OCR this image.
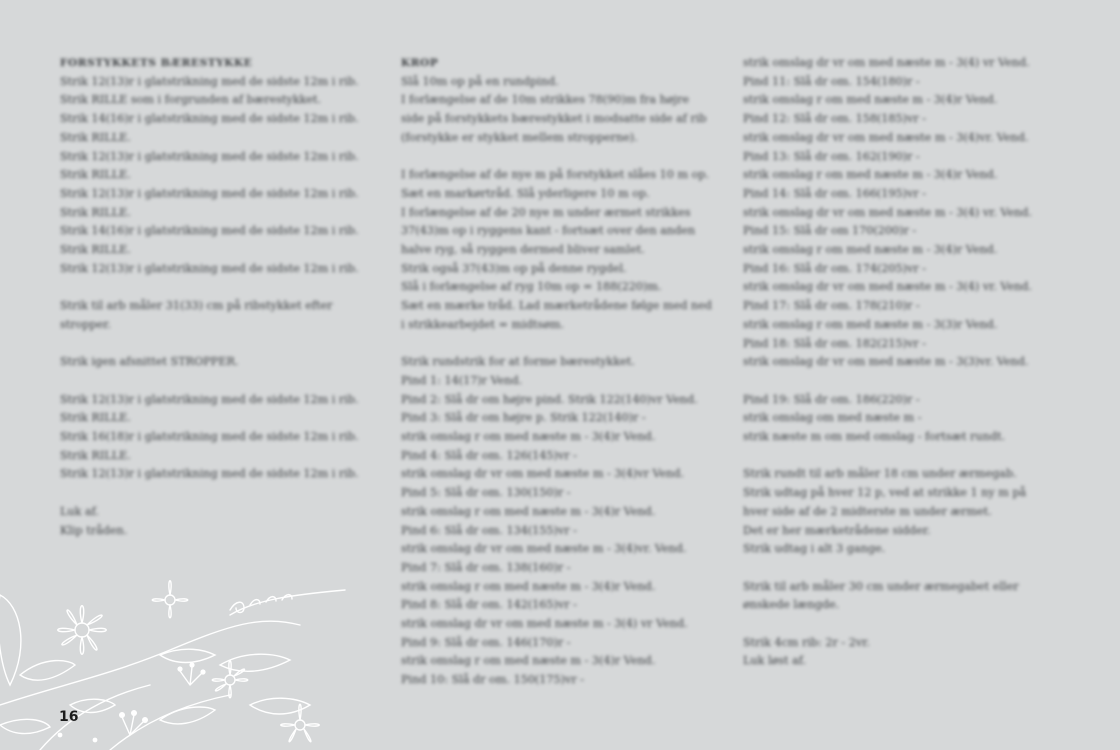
FORSTYKKETS BÆRESTYKKE

Strik 12(13)r i glatstrikning med de sidste 12m i rib.

Strik RILLE som i forgrunden af bærestykket.

Strik 14(16)r i glatstrikning med de sidste 12m i rib.

Strik RILLE.

Strik 12(13)r i glatstrikning med de sidste 12m i rib.

Strik RILLE.

Strik 12(13)r i glatstrikning med de sidste 12m i rib.

Strik RILLE.

Strik 14(16)r i glatstrikning med de sidste 12m i rib.

Strik RILLE.

Strik 12(13)r i glatstrikning med de sidste 12m i rib.

Strik til arb måler 31(33) cm på ribstykket efter

stropper.

Strik igen afsnittet STROPPER.

Strik 12(13)r i glatstrikning med de sidste 12m i rib.

Strik RILLE.

Strik 16(18)r i glatstrikning med de sidste 12m i rib.

Strik RILLE.

Strik 12(13)r i glatstrikning med de sidste 12m i rib.

Luk af.

Klip tråden.

KROP

Slå 10m op på en rundpind.

I forlængelse af de 10m strikkes 78(90)m fra højre

side på forstykkets bærestykket i modsatte side af rib

(forstykke er stykket mellem stropperne).

I forlængelse af de nye m på forstykket slåes 10 m op.

Sæt en markørtråd. Slå yderligere 10 m op.

I forlængelse af de 20 nye m under ærmet strikkes

37(43)m op i ryggens kant - fortsæt over den anden

halve ryg, så ryggen dermed bliver samlet.

Strik også 37(43)m op på denne rygdel.

Slå i forlængelse af ryg 10m op = 188(220)m.

Sæt en mærke tråd. Lad mærketrådene følge med ned

i strikkearbejdet = midtsøm.

Strik rundstrik for at forme bærestykket.

Pind 1: 14(17)r Vend.

Pind 2: Slå dr om højre pind. Strik 122(140)vr Vend.

Pind 3: Slå dr om højre p. Strik 122(140)r -

strik omslag r om med næste m - 3(4)r Vend.

Pind 4: Slå dr om. 126(145)vr -

strik omslag dr vr om med næste m - 3(4)vr Vend.

Pind 5: Slå dr om. 130(150)r -

strik omslag r om med næste m - 3(4)r Vend.

Pind 6: Slå dr om. 134(155)vr -

strik omslag dr vr om med næste m - 3(4)vr. Vend.

Pind 7: Slå dr om. 138(160)r -

strik omslag r om med næste m - 3(4)r Vend.

Pind 8: Slå dr om. 142(165)vr -

strik omslag dr vr om med næste m - 3(4) vr Vend.

Pind 9: Slå dr om. 146(170)r -

strik omslag r om med næste m - 3(4)r Vend.

Pind 10: Slå dr om. 150(175)vr -

strik omslag dr vr om med næste m - 3(4) vr Vend.

Pind 11: Slå dr om. 154(180)r -

strik omslag r om med næste m - 3(4)r Vend.

Pind 12: Slå dr om. 158(185)vr -

strik omslag dr vr om med næste m - 3(4)vr. Vend.

Pind 13: Slå dr om. 162(190)r -

strik omslag r om med næste m - 3(4)r Vend.

Pind 14: Slå dr om. 166(195)vr -

strik omslag dr vr om med næste m - 3(4) vr. Vend.

Pind 15: Slå dr om 170(200)r -

strik omslag r om med næste m - 3(4)r Vend.

Pind 16: Slå dr om. 174(205)vr -

strik omslag dr vr om med næste m - 3(4) vr. Vend.

Pind 17: Slå dr om. 178(210)r -

strik omslag r om med næste m - 3(3)r Vend.

Pind 18: Slå dr om. 182(215)vr -

strik omslag dr vr om med næste m - 3(3)vr. Vend.

Pind 19: Slå dr om. 186(220)r -

strik omslag om med næste m -

strik næste m om med omslag - fortsæt rundt.

Strik rundt til arb måler 18 cm under ærmegab.

Strik udtag på hver 12 p, ved at strikke 1 ny m på

hver side af de 2 midterste m under ærmet.

Det er her mærketrådene sidder.

Strik udtag i alt 3 gange.

Strik til arb måler 30 cm under ærmegabet eller

ønskede længde.

Strik 4cm rib: 2r - 2vr.

Luk løst af.

16
